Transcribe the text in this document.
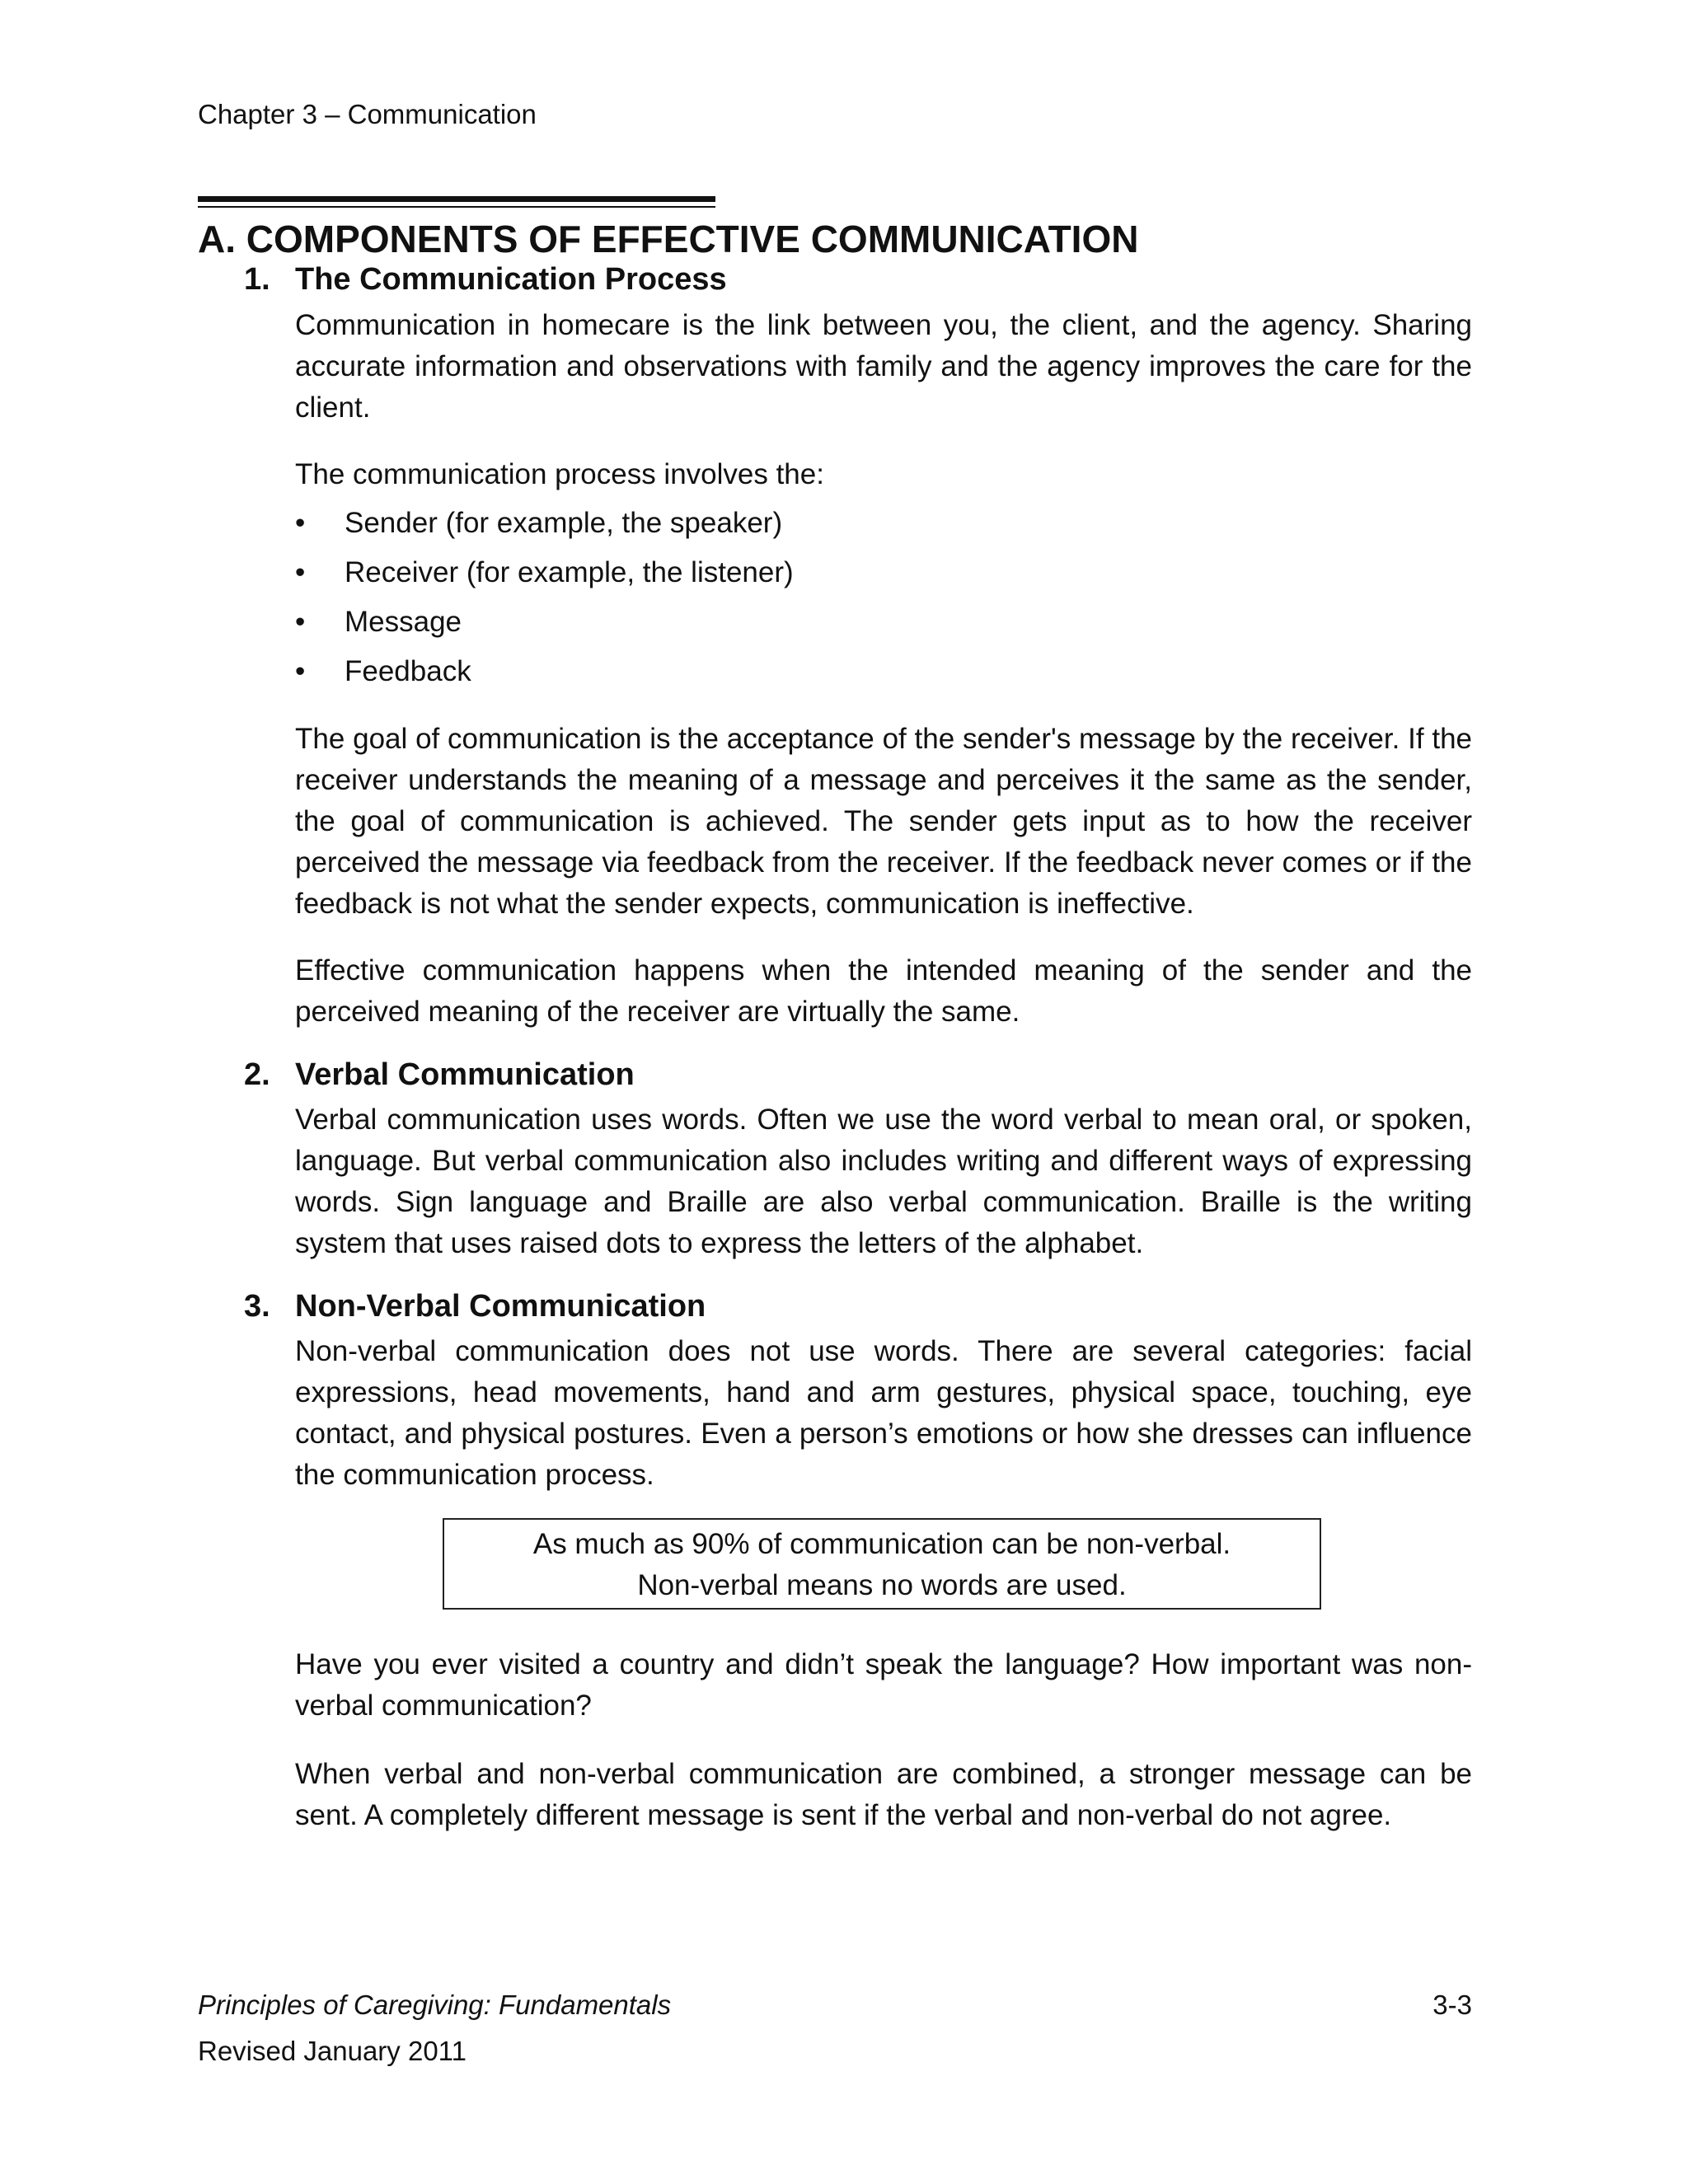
Chapter 3 – Communication
A. COMPONENTS OF EFFECTIVE COMMUNICATION
1. The Communication Process

Communication in homecare is the link between you, the client, and the agency. Sharing accurate information and observations with family and the agency improves the care for the client.

The communication process involves the:

• Sender (for example, the speaker)
• Receiver (for example, the listener)
• Message
• Feedback

The goal of communication is the acceptance of the sender's message by the receiver. If the receiver understands the meaning of a message and perceives it the same as the sender, the goal of communication is achieved. The sender gets input as to how the receiver perceived the message via feedback from the receiver. If the feedback never comes or if the feedback is not what the sender expects, communication is ineffective.

Effective communication happens when the intended meaning of the sender and the perceived meaning of the receiver are virtually the same.

2. Verbal Communication

Verbal communication uses words. Often we use the word verbal to mean oral, or spoken, language. But verbal communication also includes writing and different ways of expressing words. Sign language and Braille are also verbal communication. Braille is the writing system that uses raised dots to express the letters of the alphabet.

3. Non-Verbal Communication

Non-verbal communication does not use words. There are several categories: facial expressions, head movements, hand and arm gestures, physical space, touching, eye contact, and physical postures. Even a person’s emotions or how she dresses can influence the communication process.

As much as 90% of communication can be non-verbal.
Non-verbal means no words are used.

Have you ever visited a country and didn’t speak the language? How important was non-verbal communication?

When verbal and non-verbal communication are combined, a stronger message can be sent. A completely different message is sent if the verbal and non-verbal do not agree.

Principles of Caregiving: Fundamentals
Revised January 2011
3-3
